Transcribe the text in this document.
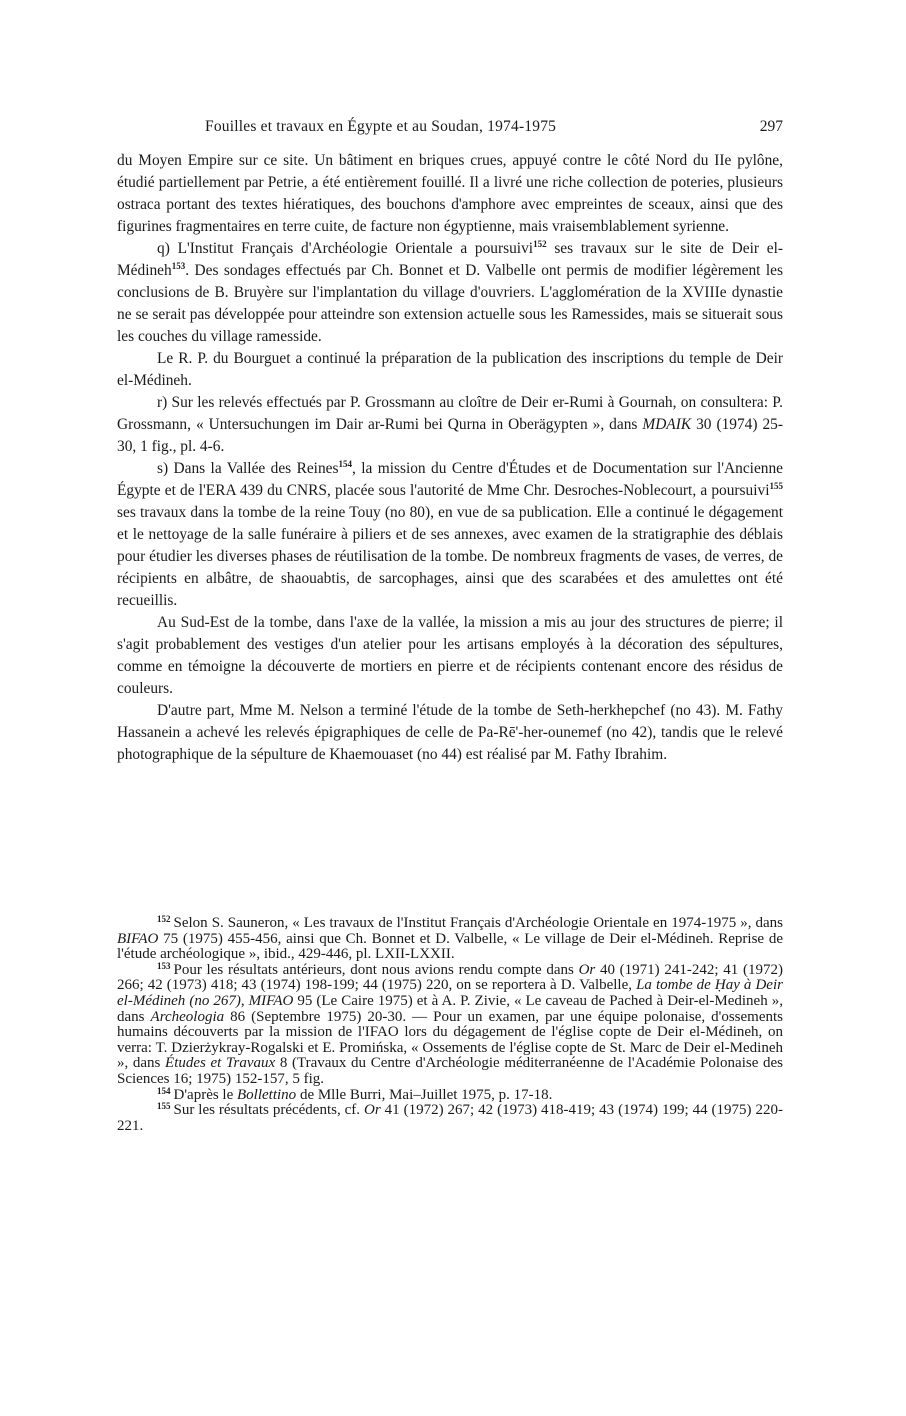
Fouilles et travaux en Égypte et au Soudan, 1974-1975	297

du Moyen Empire sur ce site. Un bâtiment en briques crues, appuyé contre le côté Nord du IIe pylône, étudié partiellement par Petrie, a été entièrement fouillé. Il a livré une riche collection de poteries, plusieurs ostraca portant des textes hiératiques, des bouchons d'amphore avec empreintes de sceaux, ainsi que des figurines fragmentaires en terre cuite, de facture non égyptienne, mais vraisemblablement syrienne.

q) L'Institut Français d'Archéologie Orientale a poursuivi$^{152}$ ses travaux sur le site de Deir el-Médineh$^{153}$. Des sondages effectués par Ch. Bonnet et D. Valbelle ont permis de modifier légèrement les conclusions de B. Bruyère sur l'implantation du village d'ouvriers. L'agglomération de la XVIIIe dynastie ne se serait pas développée pour atteindre son extension actuelle sous les Ramessides, mais se situerait sous les couches du village ramesside.

Le R. P. du Bourguet a continué la préparation de la publication des inscriptions du temple de Deir el-Médineh.

r) Sur les relevés effectués par P. Grossmann au cloître de Deir er-Rumi à Gournah, on consultera: P. Grossmann, « Untersuchungen im Dair ar-Rumi bei Qurna in Oberägypten », dans MDAIK 30 (1974) 25-30, 1 fig., pl. 4-6.

s) Dans la Vallée des Reines$^{154}$, la mission du Centre d'Études et de Documentation sur l'Ancienne Égypte et de l'ERA 439 du CNRS, placée sous l'autorité de Mme Chr. Desroches-Noblecourt, a poursuivi$^{155}$ ses travaux dans la tombe de la reine Touy (no 80), en vue de sa publication. Elle a continué le dégagement et le nettoyage de la salle funéraire à piliers et de ses annexes, avec examen de la stratigraphie des déblais pour étudier les diverses phases de réutilisation de la tombe. De nombreux fragments de vases, de verres, de récipients en albâtre, de shaouabtis, de sarcophages, ainsi que des scarabées et des amulettes ont été recueillis.

Au Sud-Est de la tombe, dans l'axe de la vallée, la mission a mis au jour des structures de pierre; il s'agit probablement des vestiges d'un atelier pour les artisans employés à la décoration des sépultures, comme en témoigne la découverte de mortiers en pierre et de récipients contenant encore des résidus de couleurs.

D'autre part, Mme M. Nelson a terminé l'étude de la tombe de Seth-herkhepchef (no 43). M. Fathy Hassanein a achevé les relevés épigraphiques de celle de Pa-Rē'-her-ounemef (no 42), tandis que le relevé photographique de la sépulture de Khaemouaset (no 44) est réalisé par M. Fathy Ibrahim.

$^{152}$ Selon S. Sauneron, « Les travaux de l'Institut Français d'Archéologie Orientale en 1974-1975 », dans BIFAO 75 (1975) 455-456, ainsi que Ch. Bonnet et D. Valbelle, « Le village de Deir el-Médineh. Reprise de l'étude archéologique », ibid., 429-446, pl. LXII-LXXII.

$^{153}$ Pour les résultats antérieurs, dont nous avions rendu compte dans Or 40 (1971) 241-242; 41 (1972) 266; 42 (1973) 418; 43 (1974) 198-199; 44 (1975) 220, on se reportera à D. Valbelle, La tombe de Ḥay à Deir el-Médineh (no 267), MIFAO 95 (Le Caire 1975) et à A. P. Zivie, « Le caveau de Pached à Deir-el-Medineh », dans Archeologia 86 (Septembre 1975) 20-30. — Pour un examen, par une équipe polonaise, d'ossements humains découverts par la mission de l'IFAO lors du dégagement de l'église copte de Deir el-Médineh, on verra: T. Dzierżykray-Rogalski et E. Promińska, « Ossements de l'église copte de St. Marc de Deir el-Medineh », dans Études et Travaux 8 (Travaux du Centre d'Archéologie méditerranéenne de l'Académie Polonaise des Sciences 16; 1975) 152-157, 5 fig.

$^{154}$ D'après le Bollettino de Mlle Burri, Mai–Juillet 1975, p. 17-18.

$^{155}$ Sur les résultats précédents, cf. Or 41 (1972) 267; 42 (1973) 418-419; 43 (1974) 199; 44 (1975) 220-221.
